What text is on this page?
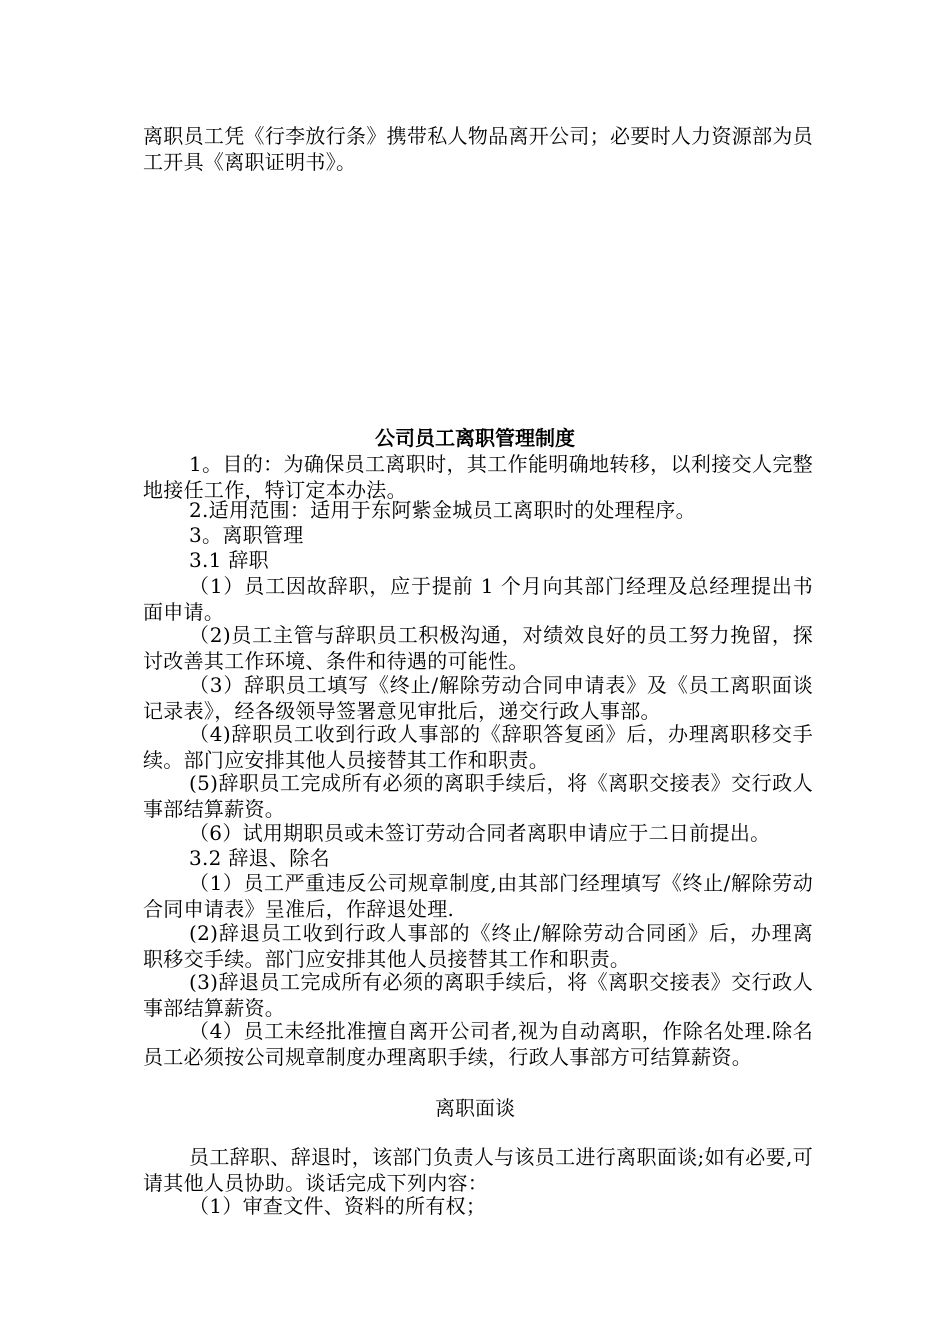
离职员工凭《行李放行条》携带私人物品离开公司；必要时人力资源部为员工开具《离职证明书》。

公司员工离职管理制度

1。目的：为确保员工离职时，其工作能明确地转移，以利接交人完整地接任工作，特订定本办法。

2.适用范围：适用于东阿紫金城员工离职时的处理程序。

3。离职管理

3.1 辞职

（1）员工因故辞职，应于提前 1 个月向其部门经理及总经理提出书面申请。

（2)员工主管与辞职员工积极沟通，对绩效良好的员工努力挽留，探讨改善其工作环境、条件和待遇的可能性。

（3）辞职员工填写《终止/解除劳动合同申请表》及《员工离职面谈记录表》，经各级领导签署意见审批后，递交行政人事部。

（4)辞职员工收到行政人事部的《辞职答复函》后，办理离职移交手续。部门应安排其他人员接替其工作和职责。

(5)辞职员工完成所有必须的离职手续后，将《离职交接表》交行政人事部结算薪资。

（6）试用期职员或未签订劳动合同者离职申请应于二日前提出。

3.2 辞退、除名

（1）员工严重违反公司规章制度,由其部门经理填写《终止/解除劳动合同申请表》呈准后，作辞退处理.

(2)辞退员工收到行政人事部的《终止/解除劳动合同函》后，办理离职移交手续。部门应安排其他人员接替其工作和职责。

(3)辞退员工完成所有必须的离职手续后，将《离职交接表》交行政人事部结算薪资。

（4）员工未经批准擅自离开公司者,视为自动离职，作除名处理.除名员工必须按公司规章制度办理离职手续，行政人事部方可结算薪资。

离职面谈

员工辞职、辞退时，该部门负责人与该员工进行离职面谈;如有必要,可请其他人员协助。谈话完成下列内容：

（1）审查文件、资料的所有权；
